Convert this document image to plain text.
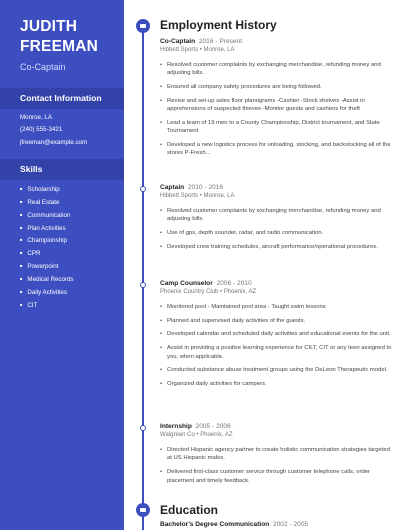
JUDITH FREEMAN
Co-Captain
Contact Information
Monroe, LA
(240) 555-3421
jfreeman@example.com
Skills
■ Scholarship
■ Real Estate
■ Communication
■ Plan Activities
■ Championship
■ CPR
■ Powerpoint
■ Medical Records
■ Daily Activities
■ CIT
Employment History
Co-Captain 2016 - Present
Hibbett Sports • Monroe, LA
• Resolved customer complaints by exchanging merchandise, refunding money and adjusting bills.
• Ensured all company safety procedures are being followed.
• Revise and set-up sales floor planograms -Cashier -Stock shelves -Assist in apprehensions of suspected thieves -Monitor guests and cashiers for theft
• Lead a team of 19 men to a County Championship, District tournament, and State Tournament
• Developed a new logistics process for unloading, stocking, and backstocking all of the stores P-Fresh...
Captain 2010 - 2016
Hibbett Sports • Monroe, LA
• Resolved customer complaints by exchanging merchandise, refunding money and adjusting bills.
• Use of gps, depth sounder, radar, and radio communication.
• Developed crew training schedules, aircraft performance/operational procedures.
Camp Counselor 2006 - 2010
Phoenix Country Club • Phoenix, AZ
• Monitored pool - Maintained pool area - Taught swim lessons
• Planned and supervised daily activities of the guests.
• Developed calendar and scheduled daily activities and educational events for the unit.
• Assist in providing a positive learning experience for CILT, CIT or any teen assigned to you, when applicable.
• Conducted substance abuse treatment groups using the DeLeon Therapeutic model.
• Organized daily activities for campers.
Internship 2005 - 2006
Walgreen Co • Phoenix, AZ
• Directed Hispanic agency partner to create holistic communication strategies targeted at US Hispanic males.
• Delivered first-class customer service through customer telephone calls, order placement and timely feedback.
Education
Bachelor's Degree Communication 2002 - 2005
